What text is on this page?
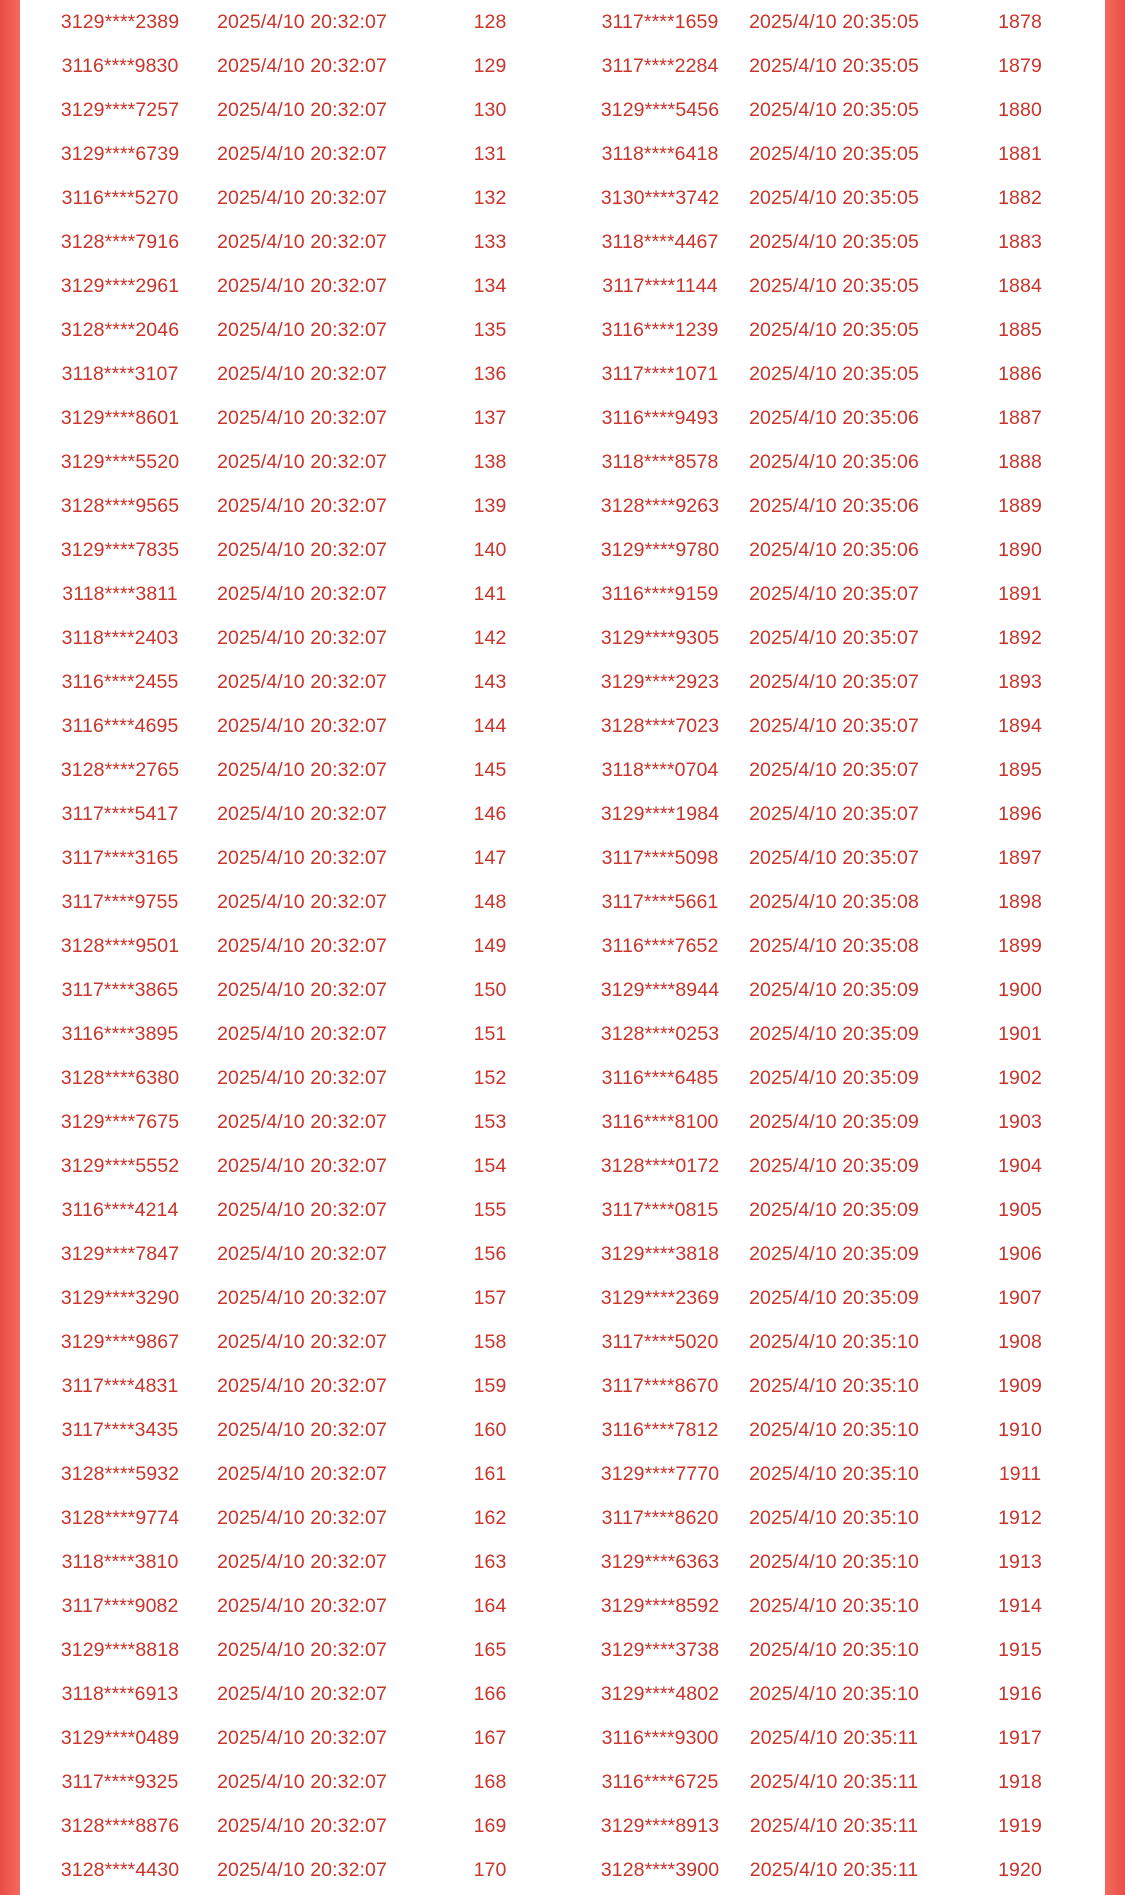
3129****2389	2025/4/10 20:32:07	128	3117****1659	2025/4/10 20:35:05	1878
3116****9830	2025/4/10 20:32:07	129	3117****2284	2025/4/10 20:35:05	1879
3129****7257	2025/4/10 20:32:07	130	3129****5456	2025/4/10 20:35:05	1880
3129****6739	2025/4/10 20:32:07	131	3118****6418	2025/4/10 20:35:05	1881
3116****5270	2025/4/10 20:32:07	132	3130****3742	2025/4/10 20:35:05	1882
3128****7916	2025/4/10 20:32:07	133	3118****4467	2025/4/10 20:35:05	1883
3129****2961	2025/4/10 20:32:07	134	3117****1144	2025/4/10 20:35:05	1884
3128****2046	2025/4/10 20:32:07	135	3116****1239	2025/4/10 20:35:05	1885
3118****3107	2025/4/10 20:32:07	136	3117****1071	2025/4/10 20:35:05	1886
3129****8601	2025/4/10 20:32:07	137	3116****9493	2025/4/10 20:35:06	1887
3129****5520	2025/4/10 20:32:07	138	3118****8578	2025/4/10 20:35:06	1888
3128****9565	2025/4/10 20:32:07	139	3128****9263	2025/4/10 20:35:06	1889
3129****7835	2025/4/10 20:32:07	140	3129****9780	2025/4/10 20:35:06	1890
3118****3811	2025/4/10 20:32:07	141	3116****9159	2025/4/10 20:35:07	1891
3118****2403	2025/4/10 20:32:07	142	3129****9305	2025/4/10 20:35:07	1892
3116****2455	2025/4/10 20:32:07	143	3129****2923	2025/4/10 20:35:07	1893
3116****4695	2025/4/10 20:32:07	144	3128****7023	2025/4/10 20:35:07	1894
3128****2765	2025/4/10 20:32:07	145	3118****0704	2025/4/10 20:35:07	1895
3117****5417	2025/4/10 20:32:07	146	3129****1984	2025/4/10 20:35:07	1896
3117****3165	2025/4/10 20:32:07	147	3117****5098	2025/4/10 20:35:07	1897
3117****9755	2025/4/10 20:32:07	148	3117****5661	2025/4/10 20:35:08	1898
3128****9501	2025/4/10 20:32:07	149	3116****7652	2025/4/10 20:35:08	1899
3117****3865	2025/4/10 20:32:07	150	3129****8944	2025/4/10 20:35:09	1900
3116****3895	2025/4/10 20:32:07	151	3128****0253	2025/4/10 20:35:09	1901
3128****6380	2025/4/10 20:32:07	152	3116****6485	2025/4/10 20:35:09	1902
3129****7675	2025/4/10 20:32:07	153	3116****8100	2025/4/10 20:35:09	1903
3129****5552	2025/4/10 20:32:07	154	3128****0172	2025/4/10 20:35:09	1904
3116****4214	2025/4/10 20:32:07	155	3117****0815	2025/4/10 20:35:09	1905
3129****7847	2025/4/10 20:32:07	156	3129****3818	2025/4/10 20:35:09	1906
3129****3290	2025/4/10 20:32:07	157	3129****2369	2025/4/10 20:35:09	1907
3129****9867	2025/4/10 20:32:07	158	3117****5020	2025/4/10 20:35:10	1908
3117****4831	2025/4/10 20:32:07	159	3117****8670	2025/4/10 20:35:10	1909
3117****3435	2025/4/10 20:32:07	160	3116****7812	2025/4/10 20:35:10	1910
3128****5932	2025/4/10 20:32:07	161	3129****7770	2025/4/10 20:35:10	1911
3128****9774	2025/4/10 20:32:07	162	3117****8620	2025/4/10 20:35:10	1912
3118****3810	2025/4/10 20:32:07	163	3129****6363	2025/4/10 20:35:10	1913
3117****9082	2025/4/10 20:32:07	164	3129****8592	2025/4/10 20:35:10	1914
3129****8818	2025/4/10 20:32:07	165	3129****3738	2025/4/10 20:35:10	1915
3118****6913	2025/4/10 20:32:07	166	3129****4802	2025/4/10 20:35:10	1916
3129****0489	2025/4/10 20:32:07	167	3116****9300	2025/4/10 20:35:11	1917
3117****9325	2025/4/10 20:32:07	168	3116****6725	2025/4/10 20:35:11	1918
3128****8876	2025/4/10 20:32:07	169	3129****8913	2025/4/10 20:35:11	1919
3128****4430	2025/4/10 20:32:07	170	3128****3900	2025/4/10 20:35:11	1920
